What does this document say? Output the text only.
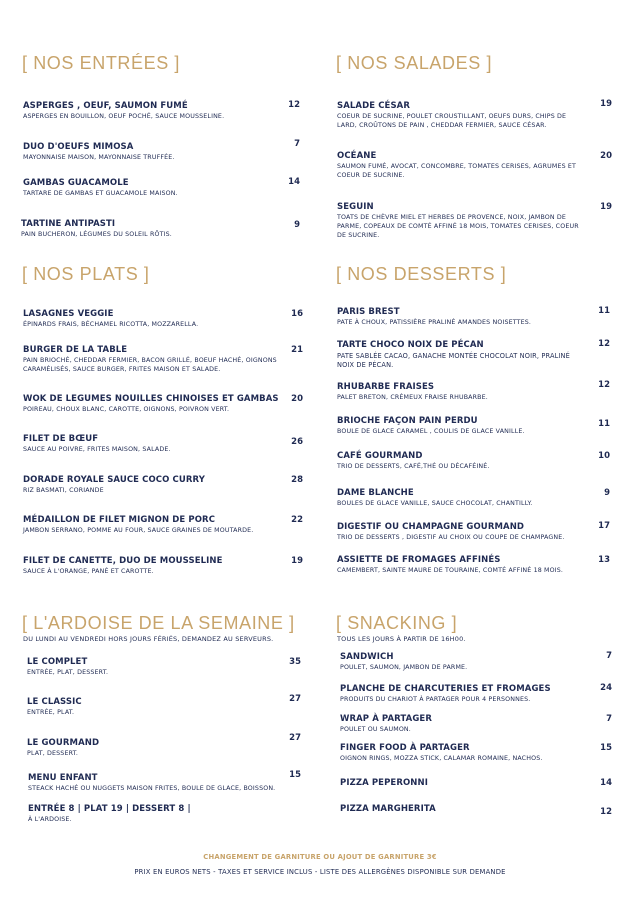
[ NOS ENTRÉES ]
ASPERGES , OEUF, SAUMON FUMÉ
ASPERGES EN BOUILLON, OEUF POCHÉ, SAUCE MOUSSELINE.
12
DUO D'OEUFS MIMOSA
MAYONNAISE MAISON, MAYONNAISE TRUFFÉE.
7
GAMBAS GUACAMOLE
TARTARE DE GAMBAS ET GUACAMOLE MAISON.
14
TARTINE ANTIPASTI
PAIN BUCHERON, LÉGUMES DU SOLEIL RÔTIS.
9
[ NOS SALADES ]
SALADE CÉSAR
COEUR DE SUCRINE, POULET CROUSTILLANT, OEUFS DURS, CHIPS DE LARD, CROÛTONS DE PAIN , CHEDDAR FERMIER, SAUCE CÉSAR.
19
OCÉANE
SAUMON FUMÉ, AVOCAT, CONCOMBRE, TOMATES CERISES, AGRUMES ET COEUR DE SUCRINE.
20
SEGUIN
TOATS DE CHÈVRE MIEL ET HERBES DE PROVENCE, NOIX, JAMBON DE PARME, COPEAUX DE COMTÉ AFFINÉ 18 MOIS, TOMATES CERISES, COEUR DE SUCRINE.
19
[ NOS PLATS ]
LASAGNES VEGGIE
ÉPINARDS FRAIS, BÉCHAMEL RICOTTA, MOZZARELLA.
16
BURGER DE LA TABLE
PAIN BRIOCHÉ, CHEDDAR FERMIER, BACON GRILLÉ, BOEUF HACHÉ, OIGNONS CARAMÉLISÉS, SAUCE BURGER, FRITES MAISON ET SALADE.
21
WOK DE LEGUMES NOUILLES CHINOISES ET GAMBAS
POIREAU, CHOUX BLANC, CAROTTE, OIGNONS, POIVRON VERT.
20
FILET DE BŒUF
SAUCE AU POIVRE, FRITES MAISON, SALADE.
26
DORADE ROYALE SAUCE COCO CURRY
RIZ BASMATI, CORIANDE
28
MÉDAILLON DE FILET MIGNON DE PORC
JAMBON SERRANO, POMME AU FOUR, SAUCE GRAINES DE MOUTARDE.
22
FILET DE CANETTE, DUO DE MOUSSELINE
SAUCE À L'ORANGE, PANÉ ET CAROTTE.
19
[ NOS DESSERTS ]
PARIS BREST
PATE À CHOUX, PATISSIÈRE PRALINÉ AMANDES NOISETTES.
11
TARTE CHOCO NOIX DE PÉCAN
PATE SABLÉE CACAO, GANACHE MONTÉE CHOCOLAT NOIR, PRALINÉ NOIX DE PÉCAN.
12
RHUBARBE FRAISES
PALET BRETON, CRÉMEUX FRAISE RHUBARBE.
12
BRIOCHE FAÇON PAIN PERDU
BOULE DE GLACE CARAMEL , COULIS DE GLACE VANILLE.
11
CAFÉ GOURMAND
TRIO DE DESSERTS, CAFÉ,THÉ OU DÉCAFÉINÉ.
10
DAME BLANCHE
BOULES DE GLACE VANILLE, SAUCE CHOCOLAT, CHANTILLY.
9
DIGESTIF OU CHAMPAGNE GOURMAND
TRIO DE DESSERTS , DIGESTIF AU CHOIX OU COUPE DE CHAMPAGNE.
17
ASSIETTE DE FROMAGES AFFINÉS
CAMEMBERT, SAINTE MAURE DE TOURAINE, COMTÉ AFFINÉ 18 MOIS.
13
[ L'ARDOISE DE LA SEMAINE ]
DU LUNDI AU VENDREDI HORS JOURS FÉRIÉS, DEMANDEZ AU SERVEURS.
LE COMPLET
ENTRÉE, PLAT, DESSERT.
35
LE CLASSIC
ENTRÉE, PLAT.
27
LE GOURMAND
PLAT, DESSERT.
27
MENU ENFANT
STEACK HACHÉ OU NUGGETS MAISON FRITES, BOULE DE GLACE, BOISSON.
15
ENTRÉE 8 | PLAT 19 | DESSERT 8 |
À L'ARDOISE.
[ SNACKING ]
TOUS LES JOURS À PARTIR DE 16H00.
SANDWICH
POULET, SAUMON, JAMBON DE PARME.
7
PLANCHE DE CHARCUTERIES ET FROMAGES
PRODUITS DU CHARIOT À PARTAGER POUR 4 PERSONNES.
24
WRAP À PARTAGER
POULET OU SAUMON.
7
FINGER FOOD À PARTAGER
OIGNON RINGS, MOZZA STICK, CALAMAR ROMAINE, NACHOS.
15
PIZZA PEPERONNI	14
PIZZA MARGHERITA	12
CHANGEMENT DE GARNITURE OU AJOUT DE GARNITURE 3€
PRIX EN EUROS NETS - TAXES ET SERVICE INCLUS - LISTE DES ALLERGÈNES DISPONIBLE SUR DEMANDE
